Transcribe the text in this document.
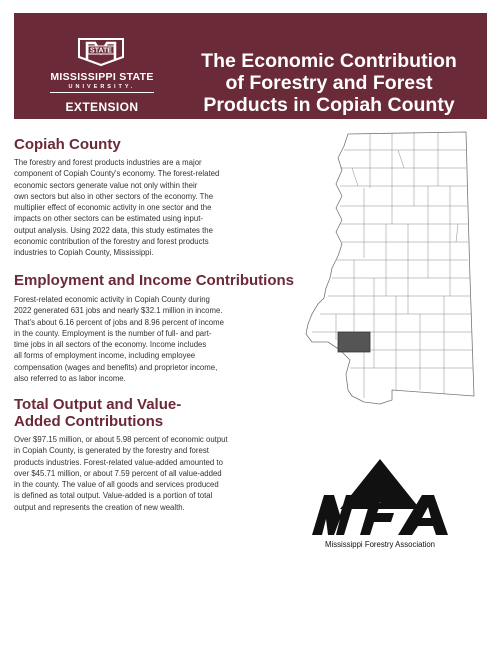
STATE
MISSISSIPPI STATE
UNIVERSITY.
EXTENSION
The Economic Contribution
of Forestry and Forest
Products in Copiah County
Copiah County
The forestry and forest products industries are a major
component of Copiah County's economy. The forest-related
economic sectors generate value not only within their
own sectors but also in other sectors of the economy. The
multiplier effect of economic activity in one sector and the
impacts on other sectors can be estimated using input-
output analysis. Using 2022 data, this study estimates the
economic contribution of the forestry and forest products
industries to Copiah County, Mississippi.
Employment and Income Contributions
Forest-related economic activity in Copiah County during
2022 generated 631 jobs and nearly $32.1 million in income.
That's about 6.16 percent of jobs and 8.96 percent of income
in the county. Employment is the number of full- and part-
time jobs in all sectors of the economy. Income includes
all forms of employment income, including employee
compensation (wages and benefits) and proprietor income,
also referred to as labor income.
Total Output and Value-
Added Contributions
Over $97.15 million, or about 5.98 percent of economic output
in Copiah County, is generated by the forestry and forest
products industries. Forest-related value-added amounted to
over $45.71 million, or about 7.59 percent of all value-added
in the county. The value of all goods and services produced
is defined as total output. Value-added is a portion of total
output and represents the creation of new wealth.	MFA
Mississippi Forestry Association
